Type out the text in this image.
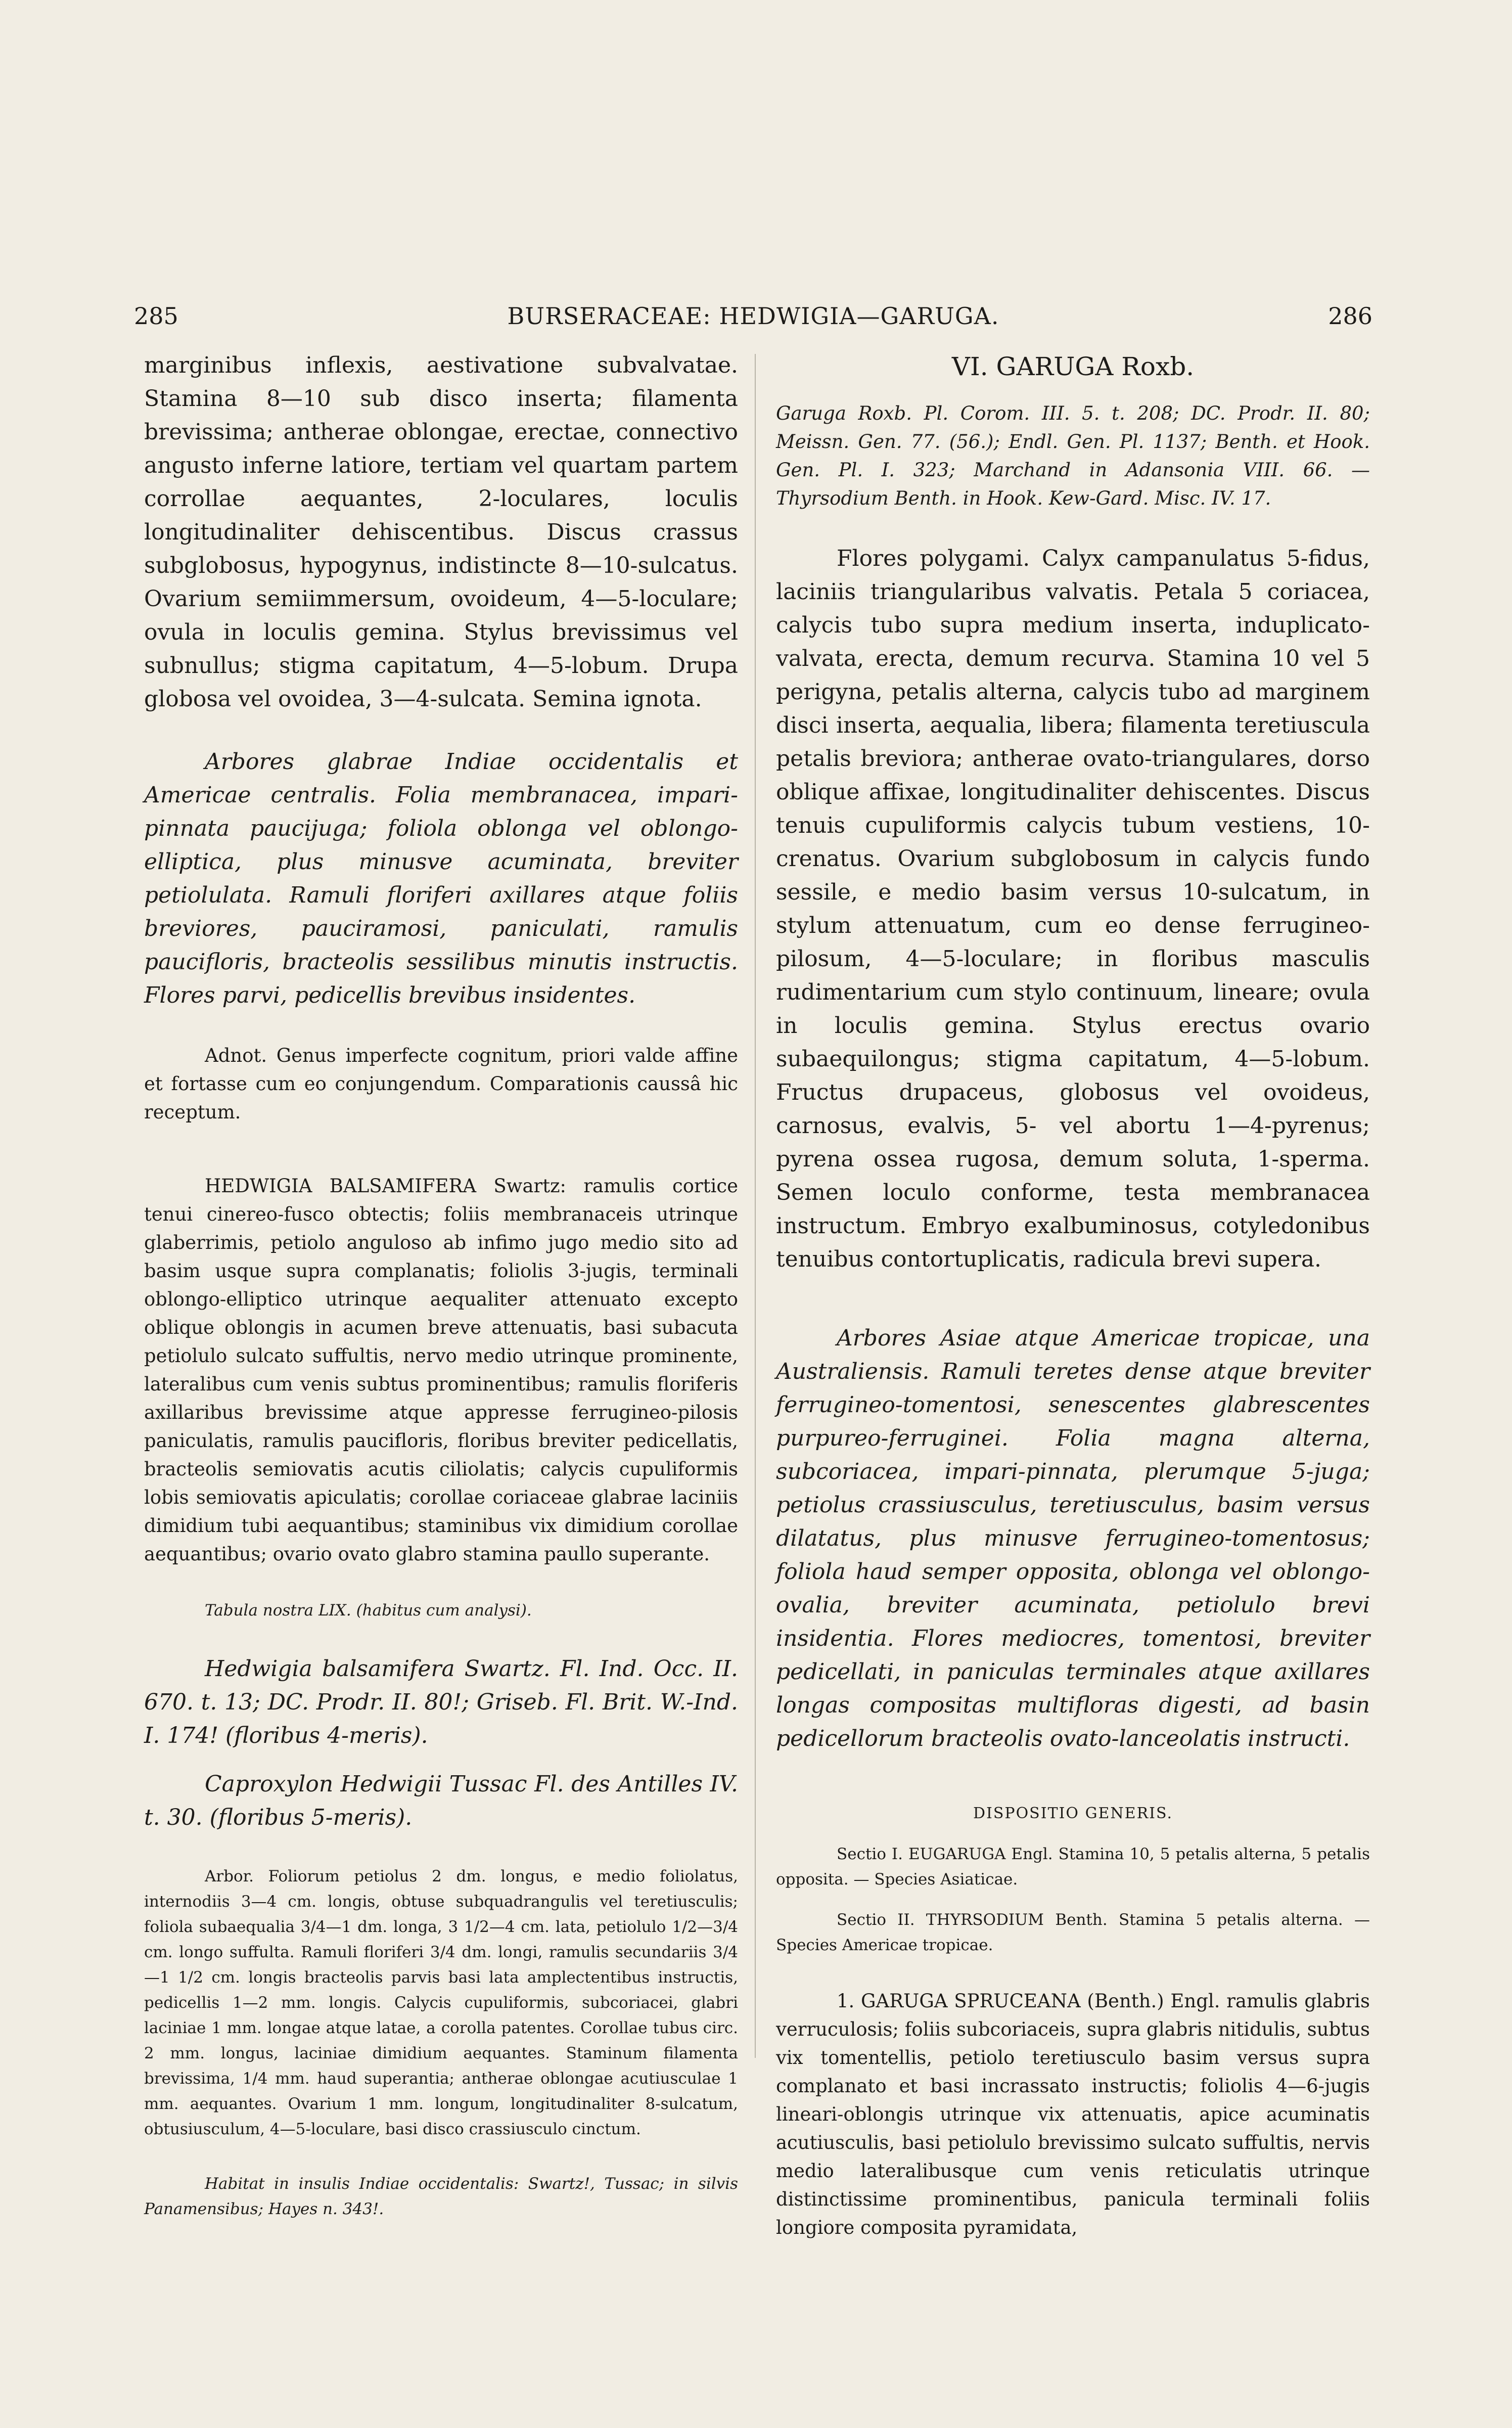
285	BURSERACEAE: HEDWIGIA—GARUGA.	286

marginibus inflexis, aestivatione subvalvatae. Stamina 8—10 sub disco inserta; filamenta brevissima; antherae oblongae, erectae, connectivo angusto inferne latiore, tertiam vel quartam partem corrollae aequantes, 2-loculares, loculis longitudinaliter dehiscentibus. Discus crassus subglobosus, hypogynus, indistincte 8—10-sulcatus. Ovarium semiimmersum, ovoideum, 4—5-loculare; ovula in loculis gemina. Stylus brevissimus vel subnullus; stigma capitatum, 4—5-lobum. Drupa globosa vel ovoidea, 3—4-sulcata. Semina ignota.

Arbores glabrae Indiae occidentalis et Americae centralis. Folia membranacea, impari-pinnata paucijuga; foliola oblonga vel oblongo-elliptica, plus minusve acuminata, breviter petiolulata. Ramuli floriferi axillares atque foliis breviores, pauciramosi, paniculati, ramulis paucifloris, bracteolis sessilibus minutis instructis. Flores parvi, pedicellis brevibus insidentes.

Adnot. Genus imperfecte cognitum, priori valde affine et fortasse cum eo conjungendum. Comparationis caussâ hic receptum.

HEDWIGIA BALSAMIFERA Swartz: ramulis cortice tenui cinereo-fusco obtectis; foliis membranaceis utrinque glaberrimis, petiolo anguloso ab infimo jugo medio sito ad basim usque supra complanatis; foliolis 3-jugis, terminali oblongo-elliptico utrinque aequaliter attenuato excepto oblique oblongis in acumen breve attenuatis, basi subacuta petiolulo sulcato suffultis, nervo medio utrinque prominente, lateralibus cum venis subtus prominentibus; ramulis floriferis axillaribus brevissime atque appresse ferrugineo-pilosis paniculatis, ramulis paucifloris, floribus breviter pedicellatis, bracteolis semiovatis acutis ciliolatis; calycis cupuliformis lobis semiovatis apiculatis; corollae coriaceae glabrae laciniis dimidium tubi aequantibus; staminibus vix dimidium corollae aequantibus; ovario ovato glabro stamina paullo superante.

Tabula nostra LIX. (habitus cum analysi).

Hedwigia balsamifera Swartz. Fl. Ind. Occ. II. 670. t. 13; DC. Prodr. II. 80!; Griseb. Fl. Brit. W.-Ind. I. 174! (floribus 4-meris).

Caproxylon Hedwigii Tussac Fl. des Antilles IV. t. 30. (floribus 5-meris).

Arbor. Foliorum petiolus 2 dm. longus, e medio foliolatus, internodiis 3—4 cm. longis, obtuse subquadrangulis vel teretiusculis; foliola subaequalia 3/4—1 dm. longa, 3 1/2—4 cm. lata, petiolulo 1/2—3/4 cm. longo suffulta. Ramuli floriferi 3/4 dm. longi, ramulis secundariis 3/4—1 1/2 cm. longis bracteolis parvis basi lata amplectentibus instructis, pedicellis 1—2 mm. longis. Calycis cupuliformis, subcoriacei, glabri laciniae 1 mm. longae atque latae, a corolla patentes. Corollae tubus circ. 2 mm. longus, laciniae dimidium aequantes. Staminum filamenta brevissima, 1/4 mm. haud superantia; antherae oblongae acutiusculae 1 mm. aequantes. Ovarium 1 mm. longum, longitudinaliter 8-sulcatum, obtusiusculum, 4—5-loculare, basi disco crassiusculo cinctum.

Habitat in insulis Indiae occidentalis: Swartz!, Tussac; in silvis Panamensibus; Hayes n. 343!.

VI. GARUGA Roxb.

Garuga Roxb. Pl. Corom. III. 5. t. 208; DC. Prodr. II. 80; Meissn. Gen. 77. (56.); Endl. Gen. Pl. 1137; Benth. et Hook. Gen. Pl. I. 323; Marchand in Adansonia VIII. 66. — Thyrsodium Benth. in Hook. Kew-Gard. Misc. IV. 17.

Flores polygami. Calyx campanulatus 5-fidus, laciniis triangularibus valvatis. Petala 5 coriacea, calycis tubo supra medium inserta, induplicato-valvata, erecta, demum recurva. Stamina 10 vel 5 perigyna, petalis alterna, calycis tubo ad marginem disci inserta, aequalia, libera; filamenta teretiuscula petalis breviora; antherae ovato-triangulares, dorso oblique affixae, longitudinaliter dehiscentes. Discus tenuis cupuliformis calycis tubum vestiens, 10-crenatus. Ovarium subglobosum in calycis fundo sessile, e medio basim versus 10-sulcatum, in stylum attenuatum, cum eo dense ferrugineo-pilosum, 4—5-loculare; in floribus masculis rudimentarium cum stylo continuum, lineare; ovula in loculis gemina. Stylus erectus ovario subaequilongus; stigma capitatum, 4—5-lobum. Fructus drupaceus, globosus vel ovoideus, carnosus, evalvis, 5- vel abortu 1—4-pyrenus; pyrena ossea rugosa, demum soluta, 1-sperma. Semen loculo conforme, testa membranacea instructum. Embryo exalbuminosus, cotyledonibus tenuibus contortuplicatis, radicula brevi supera.

Arbores Asiae atque Americae tropicae, una Australiensis. Ramuli teretes dense atque breviter ferrugineo-tomentosi, senescentes glabrescentes purpureo-ferruginei. Folia magna alterna, subcoriacea, impari-pinnata, plerumque 5-juga; petiolus crassiusculus, teretiusculus, basim versus dilatatus, plus minusve ferrugineo-tomentosus; foliola haud semper opposita, oblonga vel oblongo-ovalia, breviter acuminata, petiolulo brevi insidentia. Flores mediocres, tomentosi, breviter pedicellati, in paniculas terminales atque axillares longas compositas multifloras digesti, ad basin pedicellorum bracteolis ovato-lanceolatis instructi.

DISPOSITIO GENERIS.

Sectio I. EUGARUGA Engl. Stamina 10, 5 petalis alterna, 5 petalis opposita. — Species Asiaticae.

Sectio II. THYRSODIUM Benth. Stamina 5 petalis alterna. — Species Americae tropicae.

1. GARUGA SPRUCEANA (Benth.) Engl. ramulis glabris verruculosis; foliis subcoriaceis, supra glabris nitidulis, subtus vix tomentellis, petiolo teretiusculo basim versus supra complanato et basi incrassato instructis; foliolis 4—6-jugis lineari-oblongis utrinque vix attenuatis, apice acuminatis acutiusculis, basi petiolulo brevissimo sulcato suffultis, nervis medio lateralibusque cum venis reticulatis utrinque distinctissime prominentibus, panicula terminali foliis longiore composita pyramidata,
